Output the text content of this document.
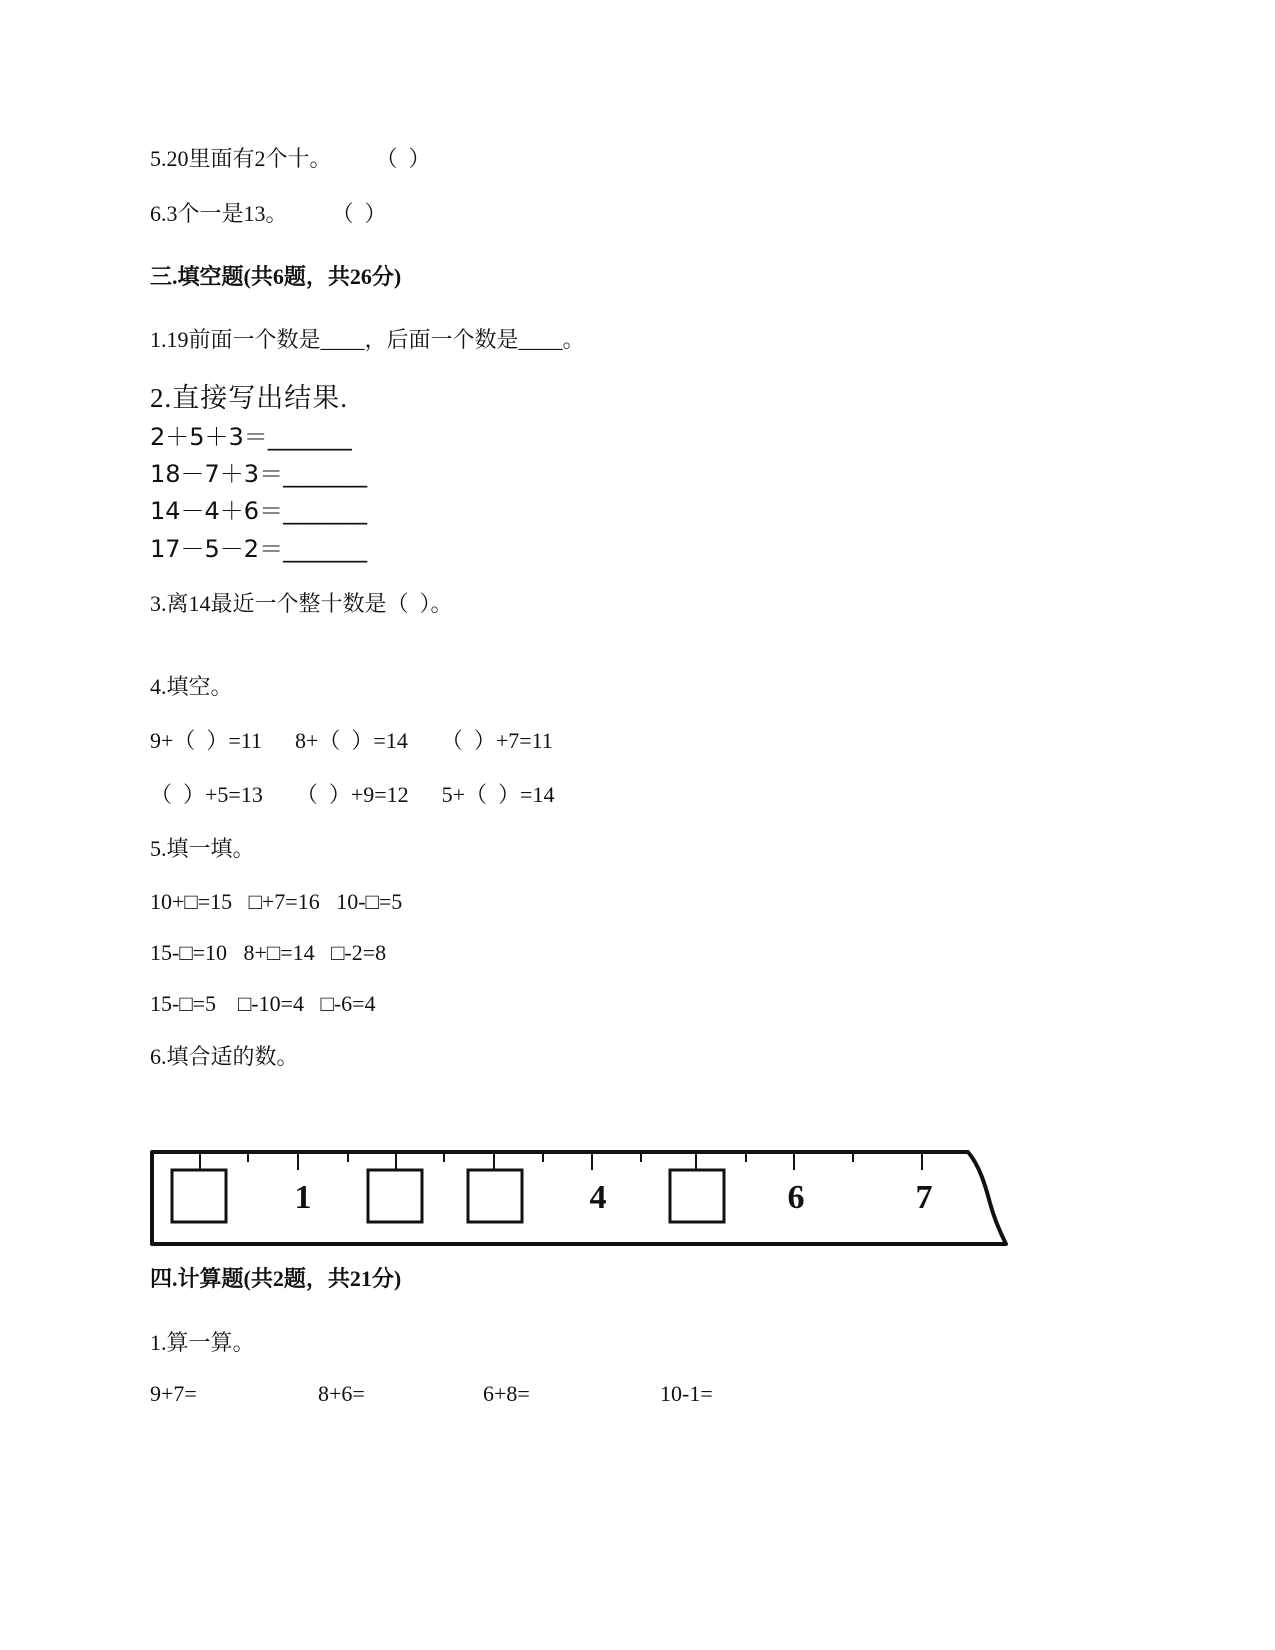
5.20里面有2个十。        （  ）
6.3个一是13。        （  ）
三.填空题(共6题，共26分)
1.19前面一个数是____，后面一个数是____。
2.直接写出结果.
2＋5＋3＝_______
18－7＋3＝_______
14－4＋6＝_______
17－5－2＝_______
3.离14最近一个整十数是（  ）。
4.填空。
9+（  ）=11      8+（  ）=14      （  ）+7=11
（  ）+5=13      （  ）+9=12      5+（  ）=14
5.填一填。
10+□=15   □+7=16   10-□=5
15-□=10   8+□=14   □-2=8
15-□=5    □-10=4   □-6=4
6.填合适的数。
1	4	6	7
四.计算题(共2题，共21分)
1.算一算。
9+7=	8+6=	6+8=	10-1=
